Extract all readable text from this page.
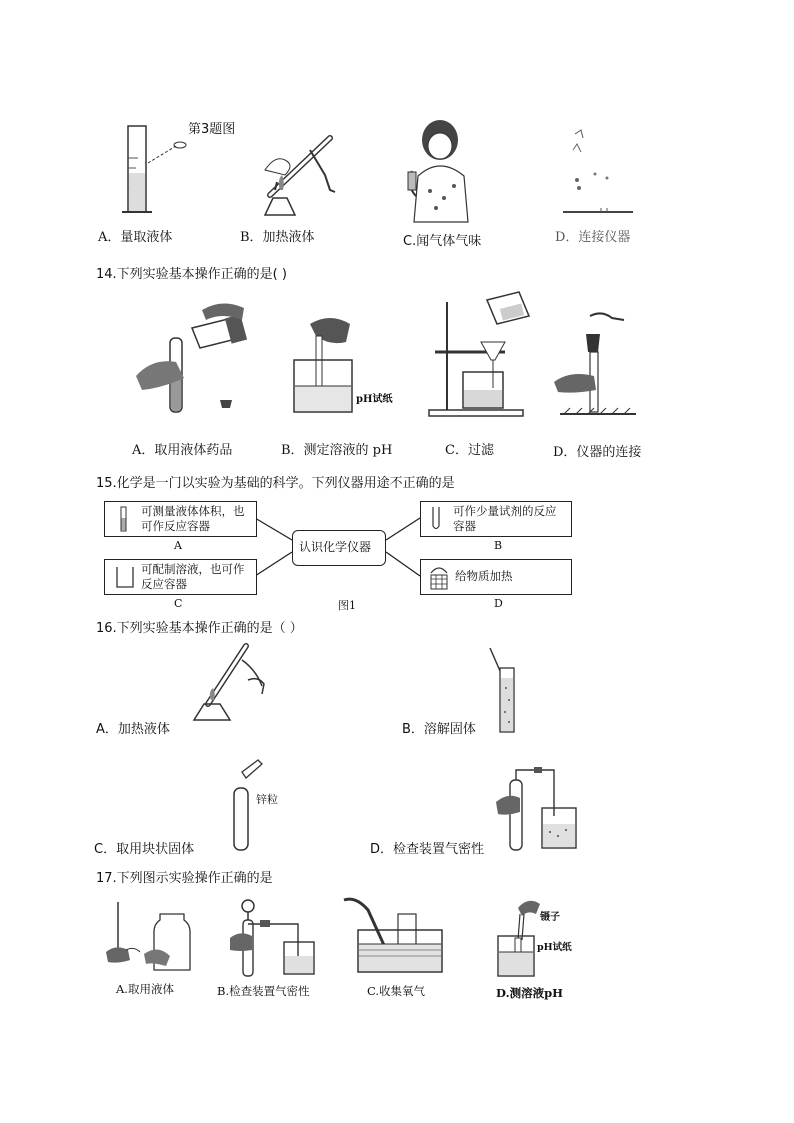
第3题图
A．量取液体	B．加热液体	C.闻气体气味	D．连接仪器
14.下列实验基本操作正确的是( )
pH试纸
A．取用液体药品	B．测定溶液的 pH	C．过滤	D．仪器的连接
15.化学是一门以实验为基础的科学。下列仪器用途不正确的是
可测量液体体积，也可作反应容器
A
可配制溶液，也可作反应容器
C
认识化学仪器
图1
可作少量试剂的反应容器
B
给物质加热
D
16.下列实验基本操作正确的是（ ）
A．加热液体	B．溶解固体
锌粒
C．取用块状固体	D．检查装置气密性
17.下列图示实验操作正确的是
A.取用液体	B.检查装置气密性	C.收集氧气
镊子
pH试纸
D.测溶液pH
